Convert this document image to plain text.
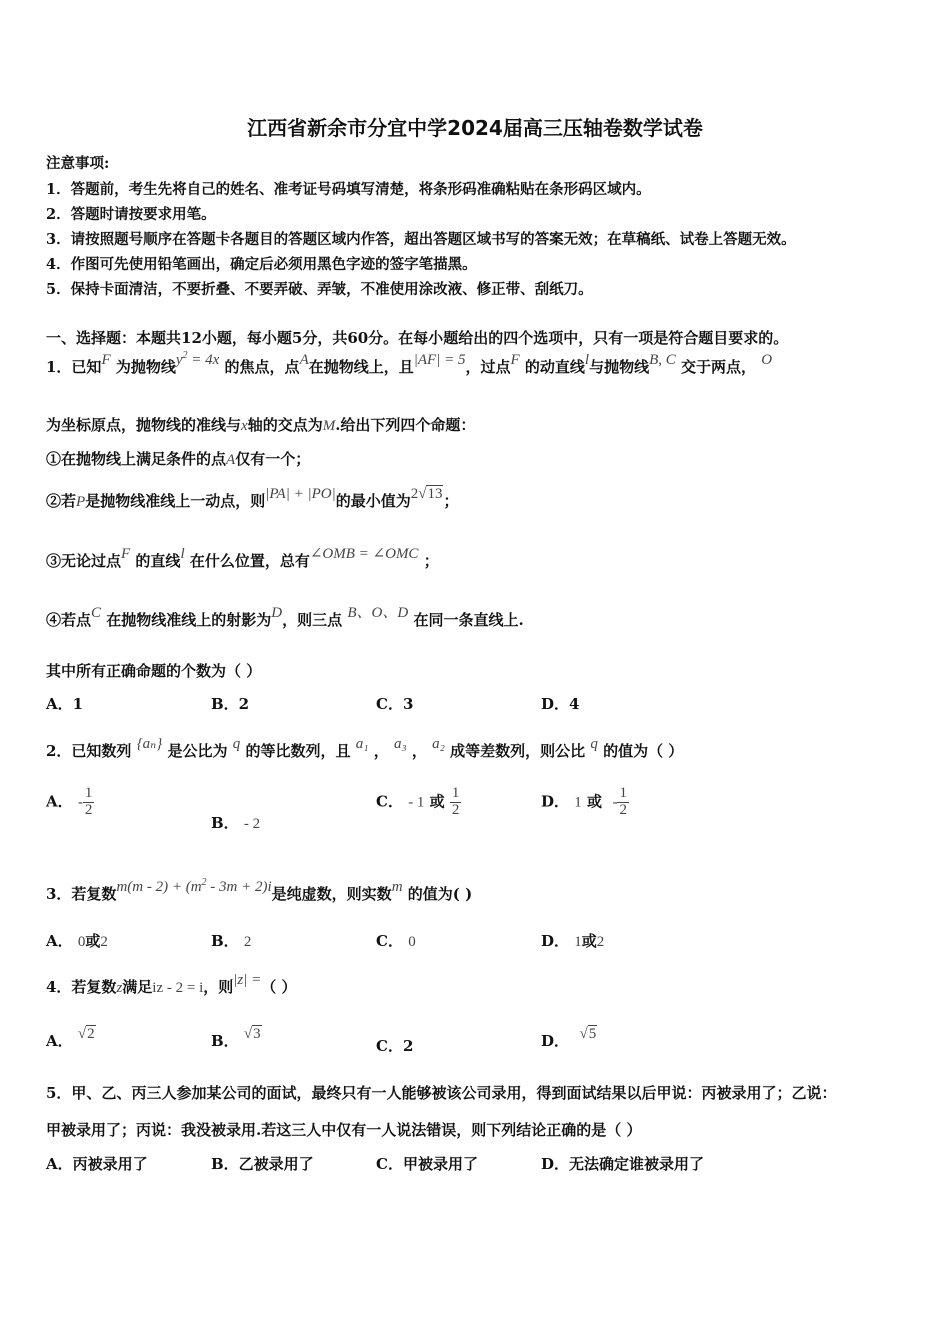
江西省新余市分宜中学2024届高三压轴卷数学试卷
注意事项:
1．答题前，考生先将自己的姓名、准考证号码填写清楚，将条形码准确粘贴在条形码区域内。
2．答题时请按要求用笔。
3．请按照题号顺序在答题卡各题目的答题区域内作答，超出答题区域书写的答案无效；在草稿纸、试卷上答题无效。
4．作图可先使用铅笔画出，确定后必须用黑色字迹的签字笔描黑。
5．保持卡面清洁，不要折叠、不要弄破、弄皱，不准使用涂改液、修正带、刮纸刀。
一、选择题：本题共12小题，每小题5分，共60分。在每小题给出的四个选项中，只有一项是符合题目要求的。
1．已知F 为抛物线$y^2 = 4x$ 的焦点，点A在抛物线上，且|AF| = 5，过点F 的动直线l与抛物线B, C 交于两点， O
为坐标原点，抛物线的准线与x轴的交点为M.给出下列四个命题：
①在抛物线上满足条件的点A仅有一个；
②若P是抛物线准线上一动点，则|PA| + |PO|的最小值为2√13；
③无论过点F 的直线l 在什么位置，总有∠OMB = ∠OMC ；
④若点C 在抛物线准线上的射影为D，则三点 B、O、D 在同一条直线上.
其中所有正确命题的个数为（ ）
A．1	B．2	C．3	D．4
2．已知数列 {aₙ} 是公比为 q 的等比数列，且 a₁ ， a₃ ， a₂ 成等差数列，则公比 q 的值为（ ）
A． - $\frac{1}{2}$
B． - 2
C． - 1 或 $\frac{1}{2}$	D． 1 或 - $\frac{1}{2}$
3．若复数$m(m - 2) + (m^2 - 3m + 2)i$是纯虚数，则实数m 的值为( )
A． 0或2	B． 2	C． 0	D． 1或2
4．若复数z满足iz - 2 = i，则|z| =（ ）
A． √2	B． √3
C．2	D． √5
5．甲、乙、丙三人参加某公司的面试，最终只有一人能够被该公司录用，得到面试结果以后甲说：丙被录用了；乙说：
甲被录用了；丙说：我没被录用.若这三人中仅有一人说法错误，则下列结论正确的是（ ）
A．丙被录用了	B．乙被录用了	C．甲被录用了	D．无法确定谁被录用了
